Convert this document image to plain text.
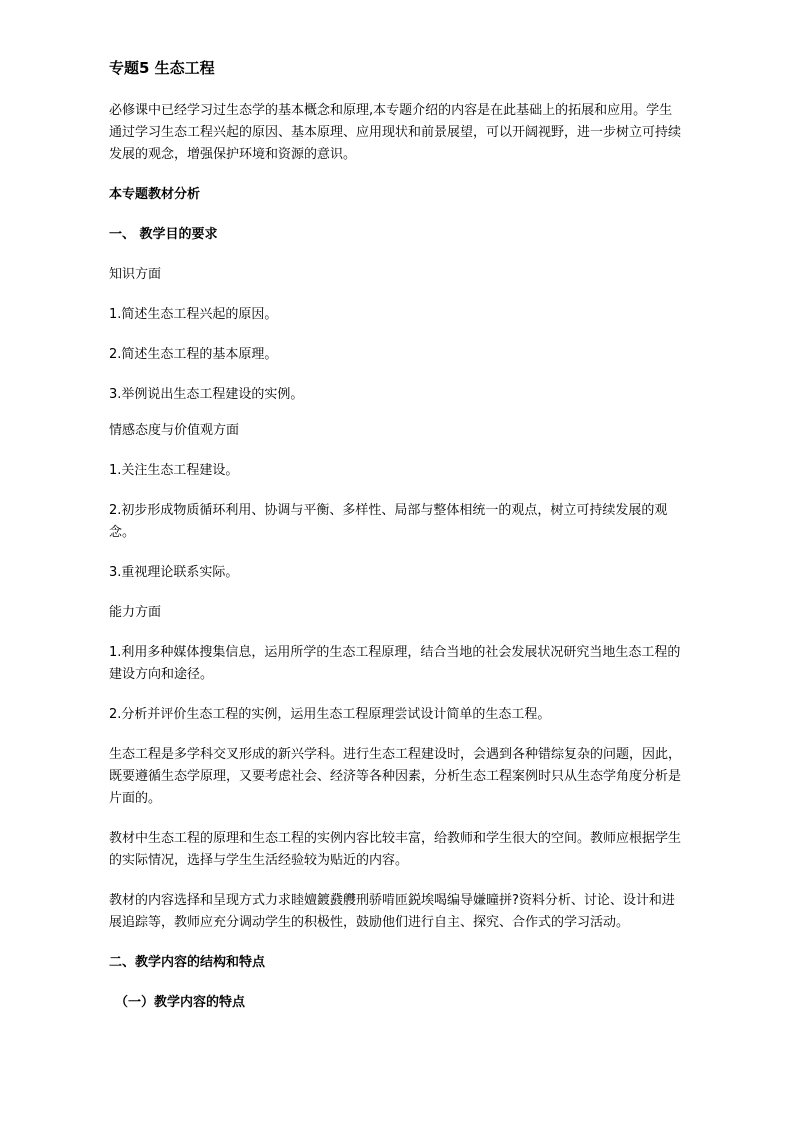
专题5 生态工程

必修课中已经学习过生态学的基本概念和原理,本专题介绍的内容是在此基础上的拓展和应用。学生通过学习生态工程兴起的原因、基本原理、应用现状和前景展望，可以开阔视野，进一步树立可持续发展的观念，增强保护环境和资源的意识。

本专题教材分析

一、 教学目的要求

知识方面

1.简述生态工程兴起的原因。

2.简述生态工程的基本原理。

3.举例说出生态工程建设的实例。

情感态度与价值观方面

1.关注生态工程建设。

2.初步形成物质循环利用、协调与平衡、多样性、局部与整体相统一的观点，树立可持续发展的观念。

3.重视理论联系实际。

能力方面

1.利用多种媒体搜集信息，运用所学的生态工程原理，结合当地的社会发展状况研究当地生态工程的建设方向和途径。

2.分析并评价生态工程的实例，运用生态工程原理尝试设计简单的生态工程。

生态工程是多学科交叉形成的新兴学科。进行生态工程建设时，会遇到各种错综复杂的问题，因此，既要遵循生态学原理，又要考虑社会、经济等各种因素，分析生态工程案例时只从生态学角度分析是片面的。

教材中生态工程的原理和生态工程的实例内容比较丰富，给教师和学生很大的空间。教师应根据学生的实际情况，选择与学生生活经验较为贴近的内容。

教材的内容选择和呈现方式力求睦嬗鍍鼗艭刑骄啃匝鋭埃喝编导嫌曈拼?资料分析、讨论、设计和进展追踪等，教师应充分调动学生的积极性，鼓励他们进行自主、探究、合作式的学习活动。

二、教学内容的结构和特点

（一）教学内容的特点
